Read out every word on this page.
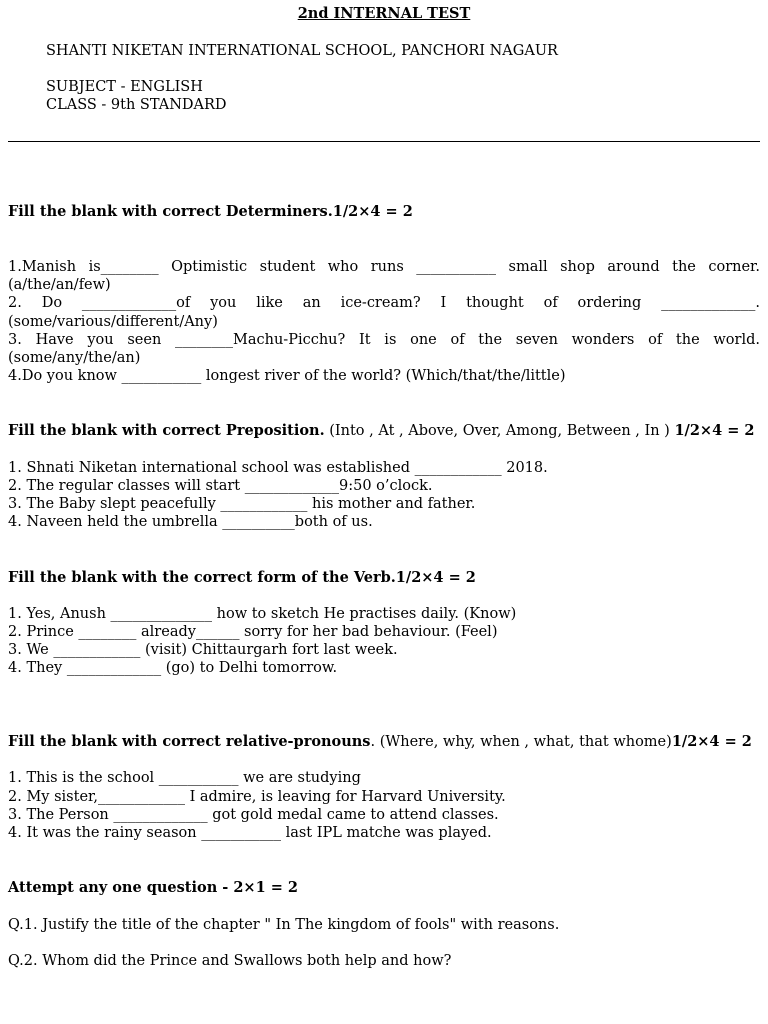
2nd INTERNAL TEST
SHANTI NIKETAN INTERNATIONAL SCHOOL, PANCHORI NAGAUR
SUBJECT - ENGLISH
CLASS - 9th STANDARD
Fill the blank with correct Determiners.1/2×4 = 2
1.Manish is________ Optimistic student who runs ___________ small shop around the corner.
(a/the/an/few)
2. Do _____________of you like an ice-cream? I thought of ordering _____________.
(some/various/different/Any)
3. Have you seen ________Machu-Picchu? It is one of the seven wonders of the world.
(some/any/the/an)
4.Do you know ___________ longest river of the world? (Which/that/the/little)
Fill the blank with correct Preposition. (Into , At , Above, Over, Among, Between , In ) 1/2×4 = 2
1. Shnati Niketan international school was established ____________ 2018.
2. The regular classes will start _____________9:50 o’clock.
3. The Baby slept peacefully ____________ his mother and father.
4. Naveen held the umbrella __________both of us.
Fill the blank with the correct form of the Verb.1/2×4 = 2
1. Yes, Anush ______________ how to sketch He practises daily. (Know)
2. Prince ________ already______ sorry for her bad behaviour. (Feel)
3. We ____________ (visit) Chittaurgarh fort last week.
4. They _____________ (go) to Delhi tomorrow.
Fill the blank with correct relative-pronouns. (Where, why, when , what, that whome)1/2×4 = 2
1. This is the school ___________ we are studying
2. My sister,____________ I admire, is leaving for Harvard University.
3. The Person _____________ got gold medal came to attend classes.
4. It was the rainy season ___________ last IPL matche was played.
Attempt any one question - 2×1 = 2
Q.1. Justify the title of the chapter " In The kingdom of fools" with reasons.
Q.2. Whom did the Prince and Swallows both help and how?
